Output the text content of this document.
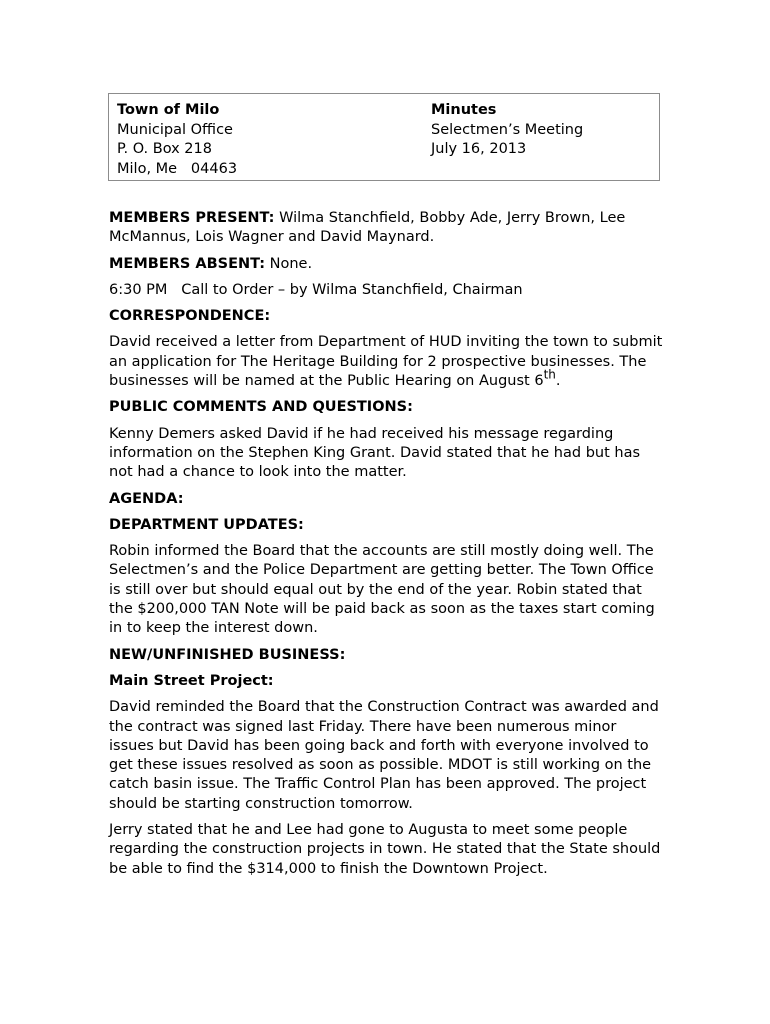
Town of Milo
Municipal Office
P. O. Box 218
Milo, Me   04463
Minutes
Selectmen’s Meeting
July 16, 2013

MEMBERS PRESENT: Wilma Stanchfield, Bobby Ade, Jerry Brown, Lee McMannus, Lois Wagner and David Maynard.

MEMBERS ABSENT: None.

6:30 PM   Call to Order – by Wilma Stanchfield, Chairman

CORRESPONDENCE:

David received a letter from Department of HUD inviting the town to submit an application for The Heritage Building for 2 prospective businesses. The businesses will be named at the Public Hearing on August 6th.

PUBLIC COMMENTS AND QUESTIONS:

Kenny Demers asked David if he had received his message regarding information on the Stephen King Grant. David stated that he had but has not had a chance to look into the matter.

AGENDA:

DEPARTMENT UPDATES:

Robin informed the Board that the accounts are still mostly doing well. The Selectmen’s and the Police Department are getting better. The Town Office is still over but should equal out by the end of the year. Robin stated that the $200,000 TAN Note will be paid back as soon as the taxes start coming in to keep the interest down.

NEW/UNFINISHED BUSINESS:

Main Street Project:

David reminded the Board that the Construction Contract was awarded and the contract was signed last Friday. There have been numerous minor issues but David has been going back and forth with everyone involved to get these issues resolved as soon as possible. MDOT is still working on the catch basin issue. The Traffic Control Plan has been approved. The project should be starting construction tomorrow.

Jerry stated that he and Lee had gone to Augusta to meet some people regarding the construction projects in town. He stated that the State should be able to find the $314,000 to finish the Downtown Project.
